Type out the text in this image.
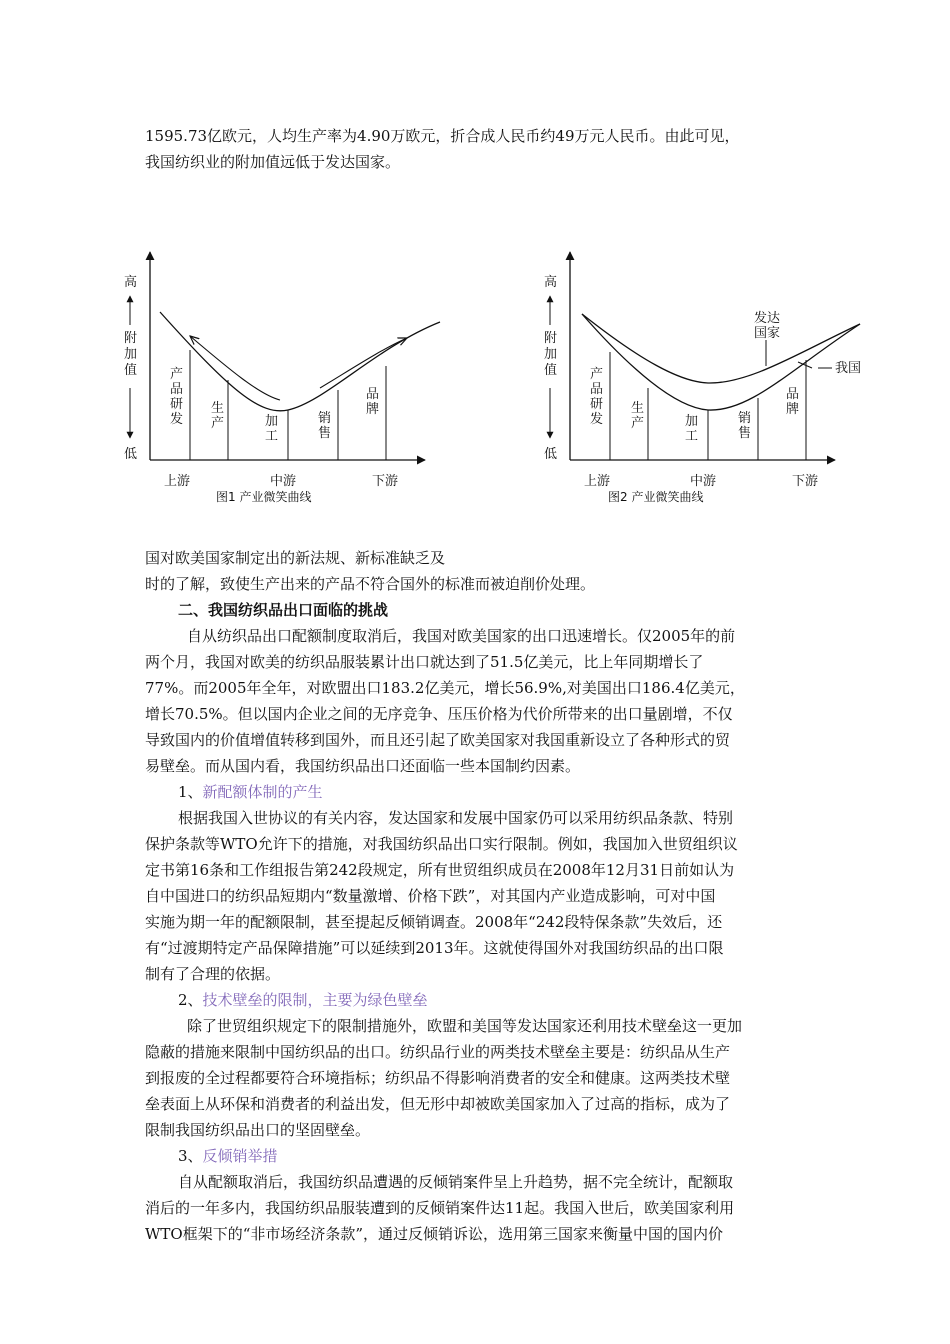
1595.73亿欧元，人均生产率为4.90万欧元，折合成人民币约49万元人民币。由此可见，

我国纺织业的附加值远低于发达国家。

高
附
加
值
低
产
品
研
发
生
产	加
工
销
售
品
牌
上游	中游	下游
图1 产业微笑曲线
高
附
加
值
低
发达
国家
我国
产
品
研
发
生
产	加
工
销
售
品
牌
上游	中游	下游
图2 产业微笑曲线

国对欧美国家制定出的新法规、新标准缺乏及

时的了解，致使生产出来的产品不符合国外的标准而被迫削价处理。

二、我国纺织品出口面临的挑战

自从纺织品出口配额制度取消后，我国对欧美国家的出口迅速增长。仅2005年的前

两个月，我国对欧美的纺织品服装累计出口就达到了51.5亿美元，比上年同期增长了

77%。而2005年全年，对欧盟出口183.2亿美元，增长56.9%,对美国出口186.4亿美元，

增长70.5%。但以国内企业之间的无序竞争、压压价格为代价所带来的出口量剧增，不仅

导致国内的价值增值转移到国外，而且还引起了欧美国家对我国重新设立了各种形式的贸

易壁垒。而从国内看，我国纺织品出口还面临一些本国制约因素。

1、新配额体制的产生

根据我国入世协议的有关内容，发达国家和发展中国家仍可以采用纺织品条款、特别

保护条款等WTO允许下的措施，对我国纺织品出口实行限制。例如，我国加入世贸组织议

定书第16条和工作组报告第242段规定，所有世贸组织成员在2008年12月31日前如认为

自中国进口的纺织品短期内“数量激增、价格下跌”，对其国内产业造成影响，可对中国

实施为期一年的配额限制，甚至提起反倾销调查。2008年“242段特保条款”失效后，还

有“过渡期特定产品保障措施”可以延续到2013年。这就使得国外对我国纺织品的出口限

制有了合理的依据。

2、技术壁垒的限制，主要为绿色壁垒

除了世贸组织规定下的限制措施外，欧盟和美国等发达国家还利用技术壁垒这一更加

隐蔽的措施来限制中国纺织品的出口。纺织品行业的两类技术壁垒主要是：纺织品从生产

到报废的全过程都要符合环境指标；纺织品不得影响消费者的安全和健康。这两类技术壁

垒表面上从环保和消费者的利益出发，但无形中却被欧美国家加入了过高的指标，成为了

限制我国纺织品出口的坚固壁垒。

3、反倾销举措

自从配额取消后，我国纺织品遭遇的反倾销案件呈上升趋势，据不完全统计，配额取

消后的一年多内，我国纺织品服装遭到的反倾销案件达11起。我国入世后，欧美国家利用

WTO框架下的“非市场经济条款”，通过反倾销诉讼，选用第三国家来衡量中国的国内价
